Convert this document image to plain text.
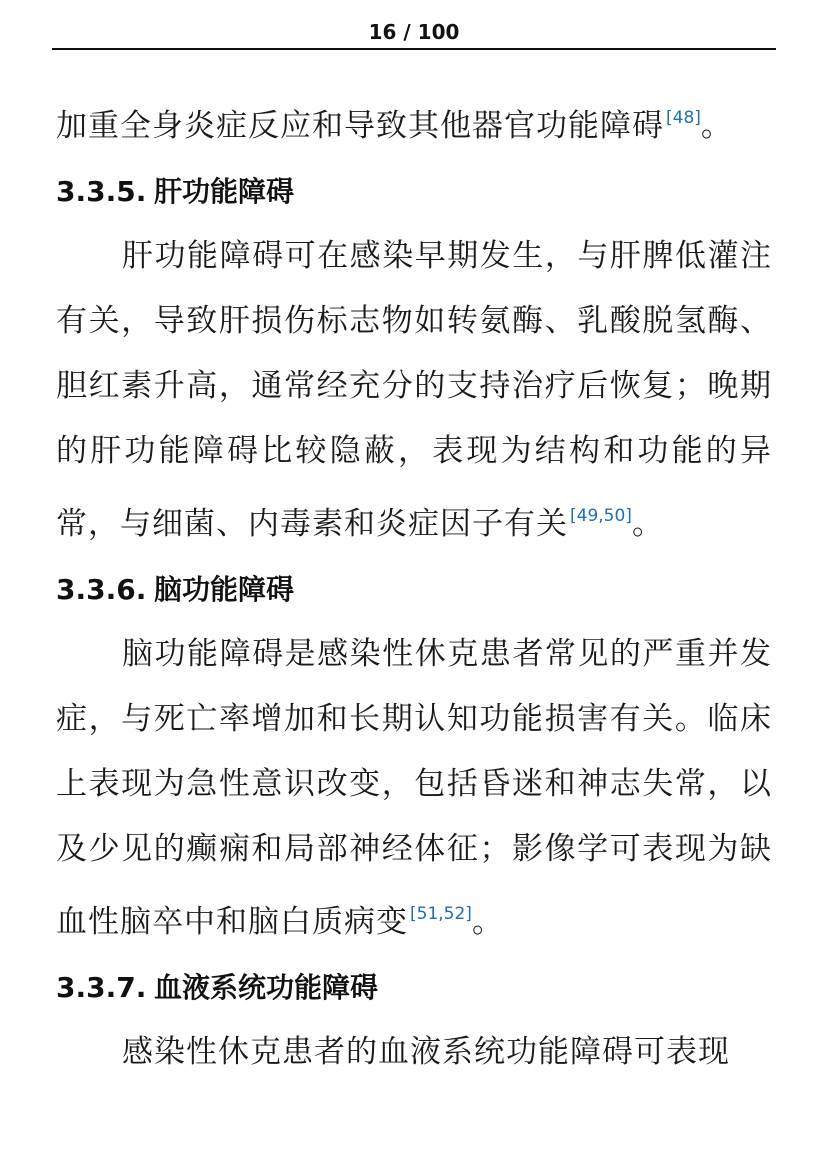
16 / 100

加重全身炎症反应和导致其他器官功能障碍 [48]。

3.3.5. 肝功能障碍

肝功能障碍可在感染早期发生，与肝脾低灌注有关，导致肝损伤标志物如转氨酶、乳酸脱氢酶、胆红素升高，通常经充分的支持治疗后恢复；晚期的肝功能障碍比较隐蔽，表现为结构和功能的异常，与细菌、内毒素和炎症因子有关 [49,50]。

3.3.6. 脑功能障碍

脑功能障碍是感染性休克患者常见的严重并发症，与死亡率增加和长期认知功能损害有关。临床上表现为急性意识改变，包括昏迷和神志失常，以及少见的癫痫和局部神经体征；影像学可表现为缺血性脑卒中和脑白质病变 [51,52]。

3.3.7. 血液系统功能障碍

感染性休克患者的血液系统功能障碍可表现
